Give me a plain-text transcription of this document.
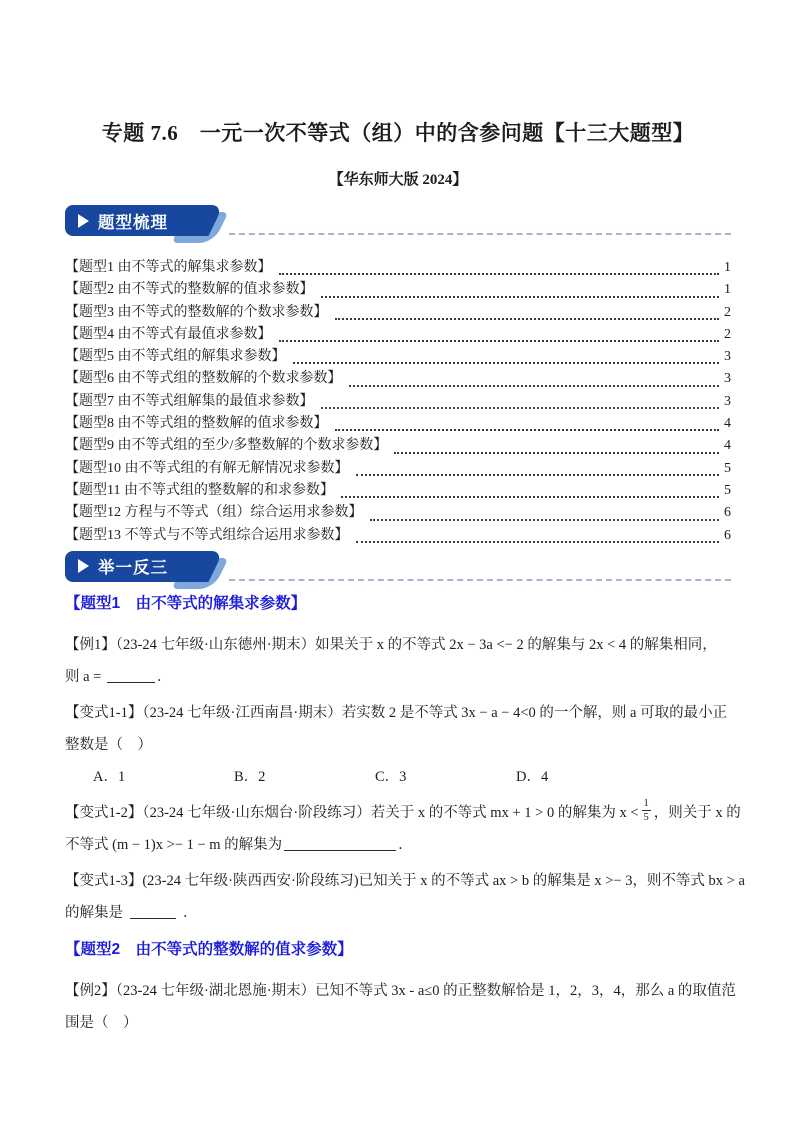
专题 7.6　一元一次不等式（组）中的含参问题【十三大题型】
【华东师大版 2024】
题型梳理
【题型1 由不等式的解集求参数】	1
【题型2 由不等式的整数解的值求参数】	1
【题型3 由不等式的整数解的个数求参数】	2
【题型4 由不等式有最值求参数】	2
【题型5 由不等式组的解集求参数】	3
【题型6 由不等式组的整数解的个数求参数】	3
【题型7 由不等式组解集的最值求参数】	3
【题型8 由不等式组的整数解的值求参数】	4
【题型9 由不等式组的至少/多整数解的个数求参数】	4
【题型10 由不等式组的有解无解情况求参数】	5
【题型11 由不等式组的整数解的和求参数】	5
【题型12 方程与不等式（组）综合运用求参数】	6
【题型13 不等式与不等式组综合运用求参数】	6
举一反三
【题型1　由不等式的解集求参数】
【例1】（23-24 七年级·山东德州·期末）如果关于 x 的不等式 2x − 3a <− 2 的解集与 2x < 4 的解集相同，
则 a =	．
【变式1-1】（23-24 七年级·江西南昌·期末）若实数 2 是不等式 3x − a − 4<0 的一个解，则 a 可取的最小正
整数是（　）
A．1	B．2	C．3	D．4
【变式1-2】（23-24 七年级·山东烟台·阶段练习）若关于 x 的不等式 mx + 1 > 0 的解集为 $x < \frac{1}{5}$ ，则关于 x 的
不等式 (m − 1)x >− 1 − m 的解集为	．
【变式1-3】(23-24 七年级·陕西西安·阶段练习)已知关于 x 的不等式 ax > b 的解集是 x >− 3，则不等式 bx > a
的解集是	．
【题型2　由不等式的整数解的值求参数】
【例2】（23-24 七年级·湖北恩施·期末）已知不等式 3x - a≤0 的正整数解恰是 1，2，3，4，那么 a 的取值范
围是（　）
